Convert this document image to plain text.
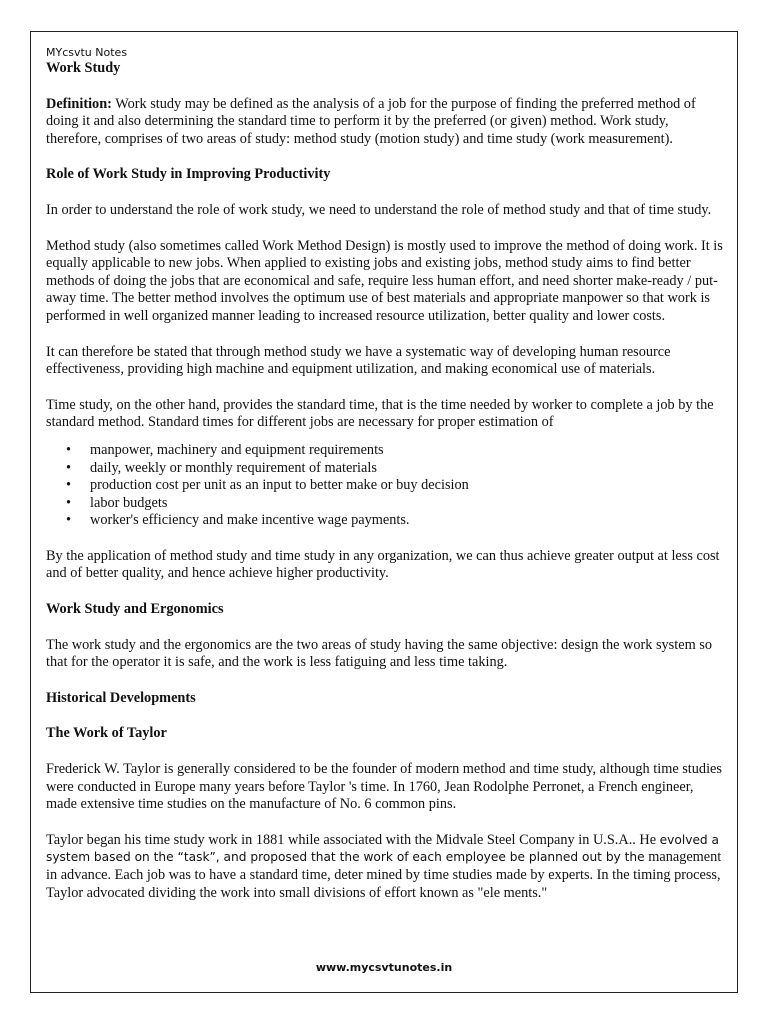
MYcsvtu Notes
Work Study

Definition: Work study may be defined as the analysis of a job for the purpose of finding the preferred method of doing it and also determining the standard time to perform it by the preferred (or given) method. Work study, therefore, comprises of two areas of study: method study (motion study) and time study (work measurement).

Role of Work Study in Improving Productivity

In order to understand the role of work study, we need to understand the role of method study and that of time study.

Method study (also sometimes called Work Method Design) is mostly used to improve the method of doing work. It is equally applicable to new jobs. When applied to existing jobs and existing jobs, method study aims to find better methods of doing the jobs that are economical and safe, require less human effort, and need shorter make-ready / put-away time. The better method involves the optimum use of best materials and appropriate manpower so that work is performed in well organized manner leading to increased resource utilization, better quality and lower costs.

It can therefore be stated that through method study we have a systematic way of developing human resource effectiveness, providing high machine and equipment utilization, and making economical use of materials.

Time study, on the other hand, provides the standard time, that is the time needed by worker to complete a job by the standard method. Standard times for different jobs are necessary for proper estimation of

• manpower, machinery and equipment requirements
• daily, weekly or monthly requirement of materials
• production cost per unit as an input to better make or buy decision
• labor budgets
• worker's efficiency and make incentive wage payments.

By the application of method study and time study in any organization, we can thus achieve greater output at less cost and of better quality, and hence achieve higher productivity.

Work Study and Ergonomics

The work study and the ergonomics are the two areas of study having the same objective: design the work system so that for the operator it is safe, and the work is less fatiguing and less time taking.

Historical Developments
The Work of Taylor

Frederick W. Taylor is generally considered to be the founder of modern method and time study, although time studies were conducted in Europe many years before Taylor 's time. In 1760, Jean Rodolphe Perronet, a French engineer, made extensive time studies on the manufacture of No. 6 common pins.

Taylor began his time study work in 1881 while associated with the Midvale Steel Company in U.S.A.. He evolved a system based on the “task”, and proposed that the work of each employee be planned out by the management in advance. Each job was to have a standard time, deter mined by time studies made by experts. In the timing process, Taylor advocated dividing the work into small divisions of effort known as "ele ments."

www.mycsvtunotes.in
